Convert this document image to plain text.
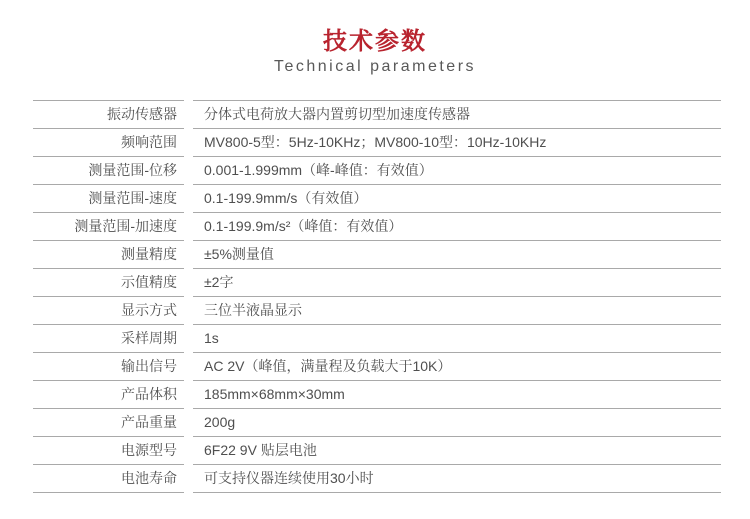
技术参数
Technical parameters
振动传感器	分体式电荷放大器内置剪切型加速度传感器
频响范围	MV800-5型：5Hz-10KHz；MV800-10型：10Hz-10KHz
测量范围-位移	0.001-1.999mm（峰-峰值：有效值）
测量范围-速度	0.1-199.9mm/s（有效值）
测量范围-加速度	0.1-199.9m/s²（峰值：有效值）
测量精度	±5%测量值
示值精度	±2字
显示方式	三位半液晶显示
采样周期	1s
输出信号	AC 2V（峰值，满量程及负载大于10K）
产品体积	185mm×68mm×30mm
产品重量	200g
电源型号	6F22 9V 贴层电池
电池寿命	可支持仪器连续使用30小时
